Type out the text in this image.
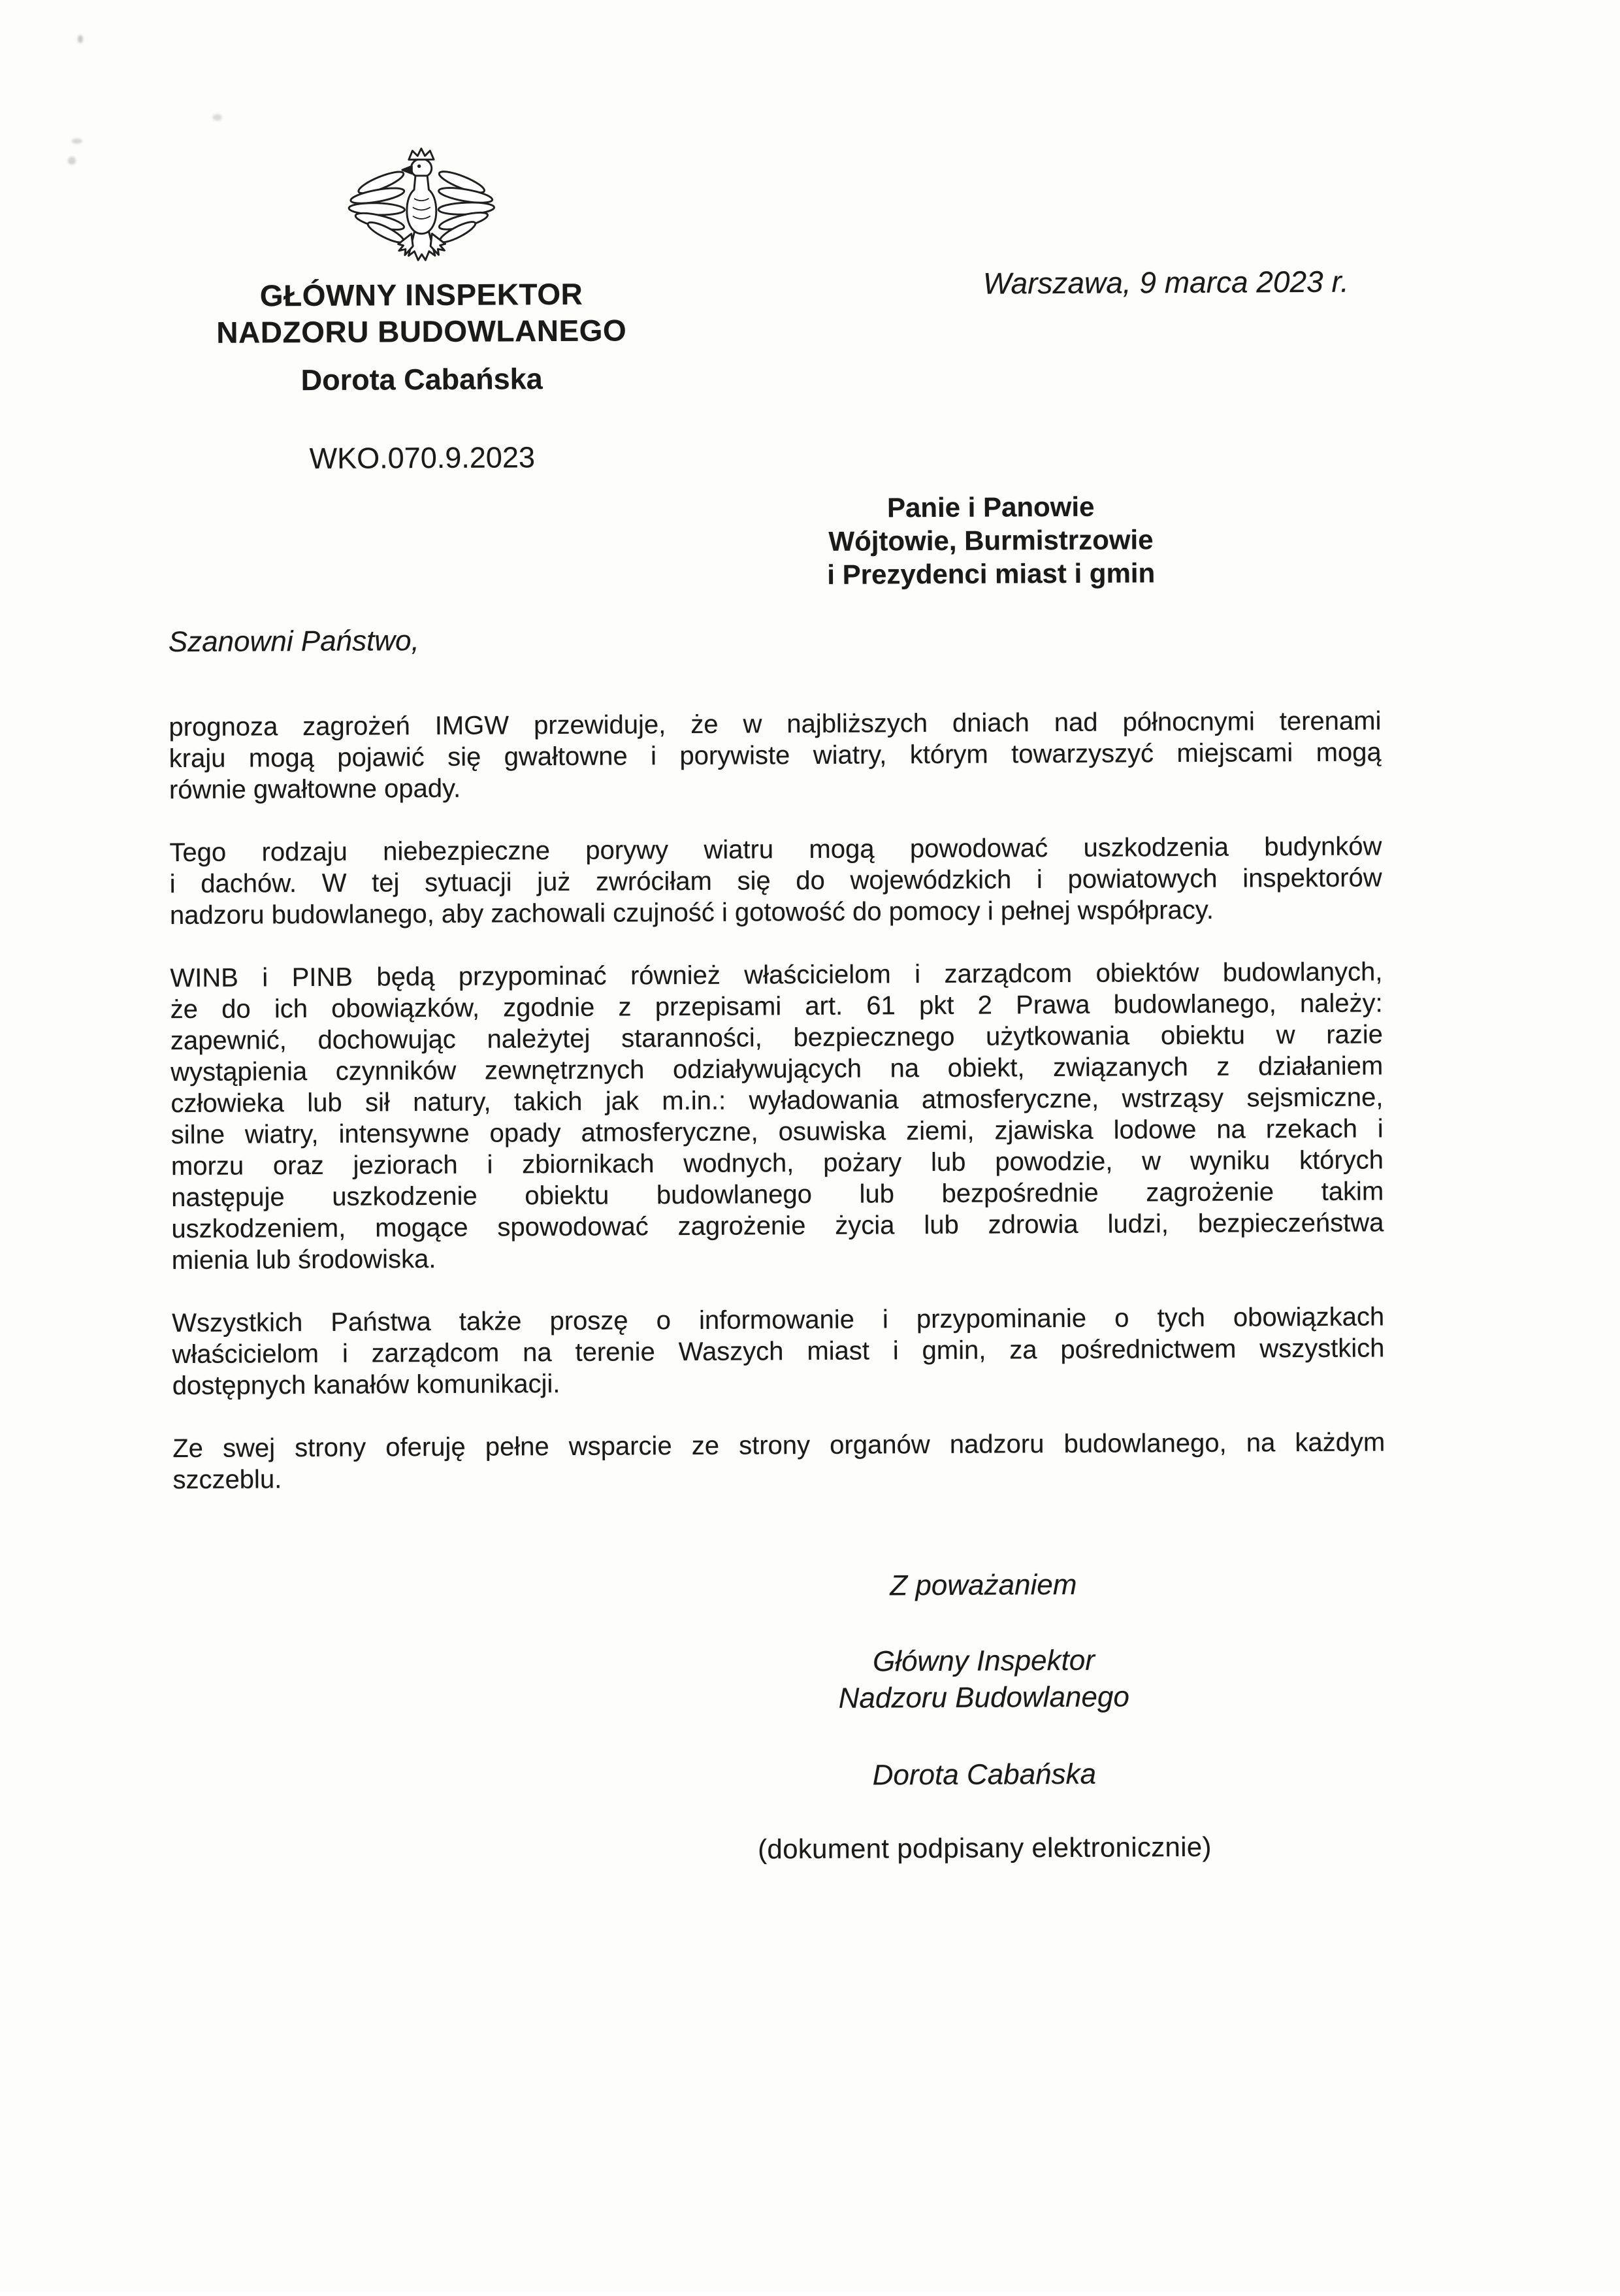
GŁÓWNY INSPEKTOR
NADZORU BUDOWLANEGO
Dorota Cabańska
WKO.070.9.2023
Warszawa, 9 marca 2023 r.
Panie i Panowie
Wójtowie, Burmistrzowie
i Prezydenci miast i gmin
Szanowni Państwo,
prognoza zagrożeń IMGW przewiduje, że w najbliższych dniach nad północnymi terenami
kraju mogą pojawić się gwałtowne i porywiste wiatry, którym towarzyszyć miejscami mogą
równie gwałtowne opady.
Tego rodzaju niebezpieczne porywy wiatru mogą powodować uszkodzenia budynków
i dachów. W tej sytuacji już zwróciłam się do wojewódzkich i powiatowych inspektorów
nadzoru budowlanego, aby zachowali czujność i gotowość do pomocy i pełnej współpracy.
WINB i PINB będą przypominać również właścicielom i zarządcom obiektów budowlanych,
że do ich obowiązków, zgodnie z przepisami art. 61 pkt 2 Prawa budowlanego, należy:
zapewnić, dochowując należytej staranności, bezpiecznego użytkowania obiektu w razie
wystąpienia czynników zewnętrznych odziaływujących na obiekt, związanych z działaniem
człowieka lub sił natury, takich jak m.in.: wyładowania atmosferyczne, wstrząsy sejsmiczne,
silne wiatry, intensywne opady atmosferyczne, osuwiska ziemi, zjawiska lodowe na rzekach i
morzu oraz jeziorach i zbiornikach wodnych, pożary lub powodzie, w wyniku których
następuje uszkodzenie obiektu budowlanego lub bezpośrednie zagrożenie takim
uszkodzeniem, mogące spowodować zagrożenie życia lub zdrowia ludzi, bezpieczeństwa
mienia lub środowiska.
Wszystkich Państwa także proszę o informowanie i przypominanie o tych obowiązkach
właścicielom i zarządcom na terenie Waszych miast i gmin, za pośrednictwem wszystkich
dostępnych kanałów komunikacji.
Ze swej strony oferuję pełne wsparcie ze strony organów nadzoru budowlanego, na każdym
szczeblu.
Z poważaniem
Główny Inspektor
Nadzoru Budowlanego
Dorota Cabańska
(dokument podpisany elektronicznie)
